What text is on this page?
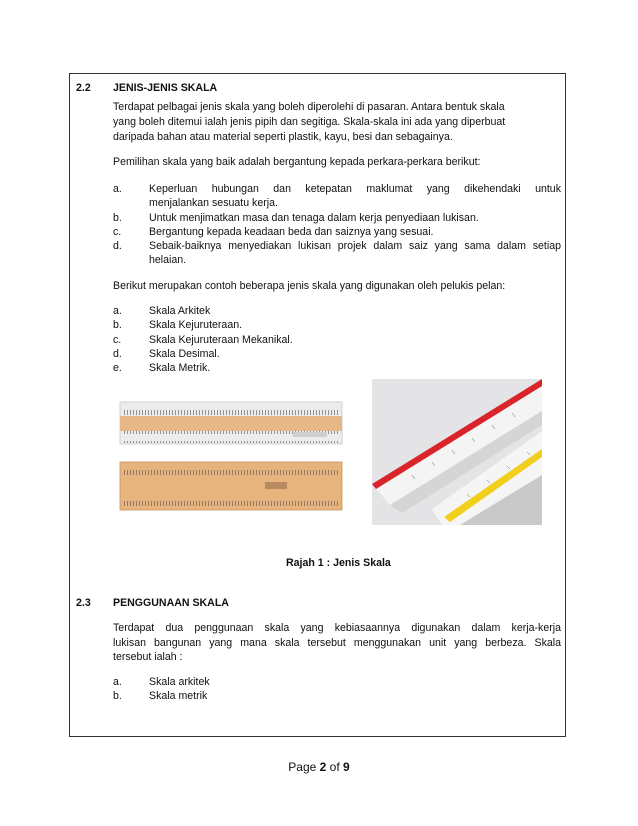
2.2 JENIS-JENIS SKALA
Terdapat pelbagai jenis skala yang boleh diperolehi di pasaran. Antara bentuk skala
yang boleh ditemui ialah jenis pipih dan segitiga. Skala-skala ini ada yang diperbuat
daripada bahan atau material seperti plastik, kayu, besi dan sebagainya.
Pemilihan skala yang baik adalah bergantung kepada perkara-perkara berikut:
a.	Keperluan hubungan dan ketepatan maklumat yang dikehendaki untuk
menjalankan sesuatu kerja.
b.	Untuk menjimatkan masa dan tenaga dalam kerja penyediaan lukisan.
c.	Bergantung kepada keadaan beda dan saiznya yang sesuai.
d.	Sebaik-baiknya menyediakan lukisan projek dalam saiz yang sama dalam setiap
helaian.
Berikut merupakan contoh beberapa jenis skala yang digunakan oleh pelukis pelan:
a.	Skala Arkitek
b.	Skala Kejuruteraan.
c.	Skala Kejuruteraan Mekanikal.
d.	Skala Desimal.
e.	Skala Metrik.
Rajah 1 : Jenis Skala
2.3 PENGGUNAAN SKALA
Terdapat dua penggunaan skala yang kebiasaannya digunakan dalam kerja-kerja
lukisan bangunan yang mana skala tersebut menggunakan unit yang berbeza. Skala
tersebut ialah :
a.	Skala arkitek
b.	Skala metrik
Page 2 of 9
